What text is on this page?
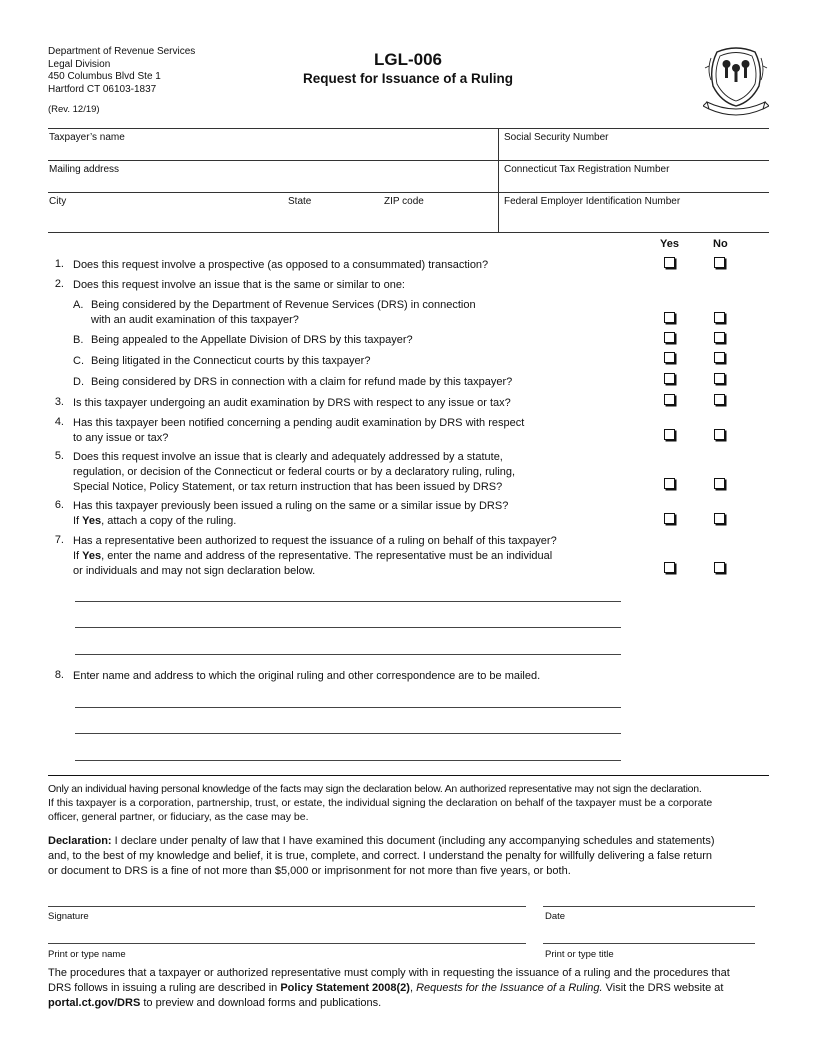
Department of Revenue Services
Legal Division
450 Columbus Blvd Ste 1
Hartford CT 06103-1837
(Rev. 12/19)
LGL-006
Request for Issuance of a Ruling
Taxpayer’s name	Social Security Number
Mailing address	Connecticut Tax Registration Number
City	State	ZIP code	Federal Employer Identification Number
Yes	No
1. Does this request involve a prospective (as opposed to a consummated) transaction?
2. Does this request involve an issue that is the same or similar to one:
A. Being considered by the Department of Revenue Services (DRS) in connection
with an audit examination of this taxpayer?
B. Being appealed to the Appellate Division of DRS by this taxpayer?
C. Being litigated in the Connecticut courts by this taxpayer?
D. Being considered by DRS in connection with a claim for refund made by this taxpayer?
3. Is this taxpayer undergoing an audit examination by DRS with respect to any issue or tax?
4. Has this taxpayer been notified concerning a pending audit examination by DRS with respect
to any issue or tax?
5. Does this request involve an issue that is clearly and adequately addressed by a statute,
regulation, or decision of the Connecticut or federal courts or by a declaratory ruling, ruling,
Special Notice, Policy Statement, or tax return instruction that has been issued by DRS?
6. Has this taxpayer previously been issued a ruling on the same or a similar issue by DRS?
If Yes, attach a copy of the ruling.
7. Has a representative been authorized to request the issuance of a ruling on behalf of this taxpayer?
If Yes, enter the name and address of the representative. The representative must be an individual
or individuals and may not sign declaration below.
8. Enter name and address to which the original ruling and other correspondence are to be mailed.
Only an individual having personal knowledge of the facts may sign the declaration below. An authorized representative may not sign the declaration.
If this taxpayer is a corporation, partnership, trust, or estate, the individual signing the declaration on behalf of the taxpayer must be a corporate
officer, general partner, or fiduciary, as the case may be.
Declaration: I declare under penalty of law that I have examined this document (including any accompanying schedules and statements)
and, to the best of my knowledge and belief, it is true, complete, and correct. I understand the penalty for willfully delivering a false return
or document to DRS is a fine of not more than $5,000 or imprisonment for not more than five years, or both.
Signature	Date
Print or type name	Print or type title
The procedures that a taxpayer or authorized representative must comply with in requesting the issuance of a ruling and the procedures that
DRS follows in issuing a ruling are described in Policy Statement 2008(2), Requests for the Issuance of a Ruling. Visit the DRS website at
portal.ct.gov/DRS to preview and download forms and publications.
